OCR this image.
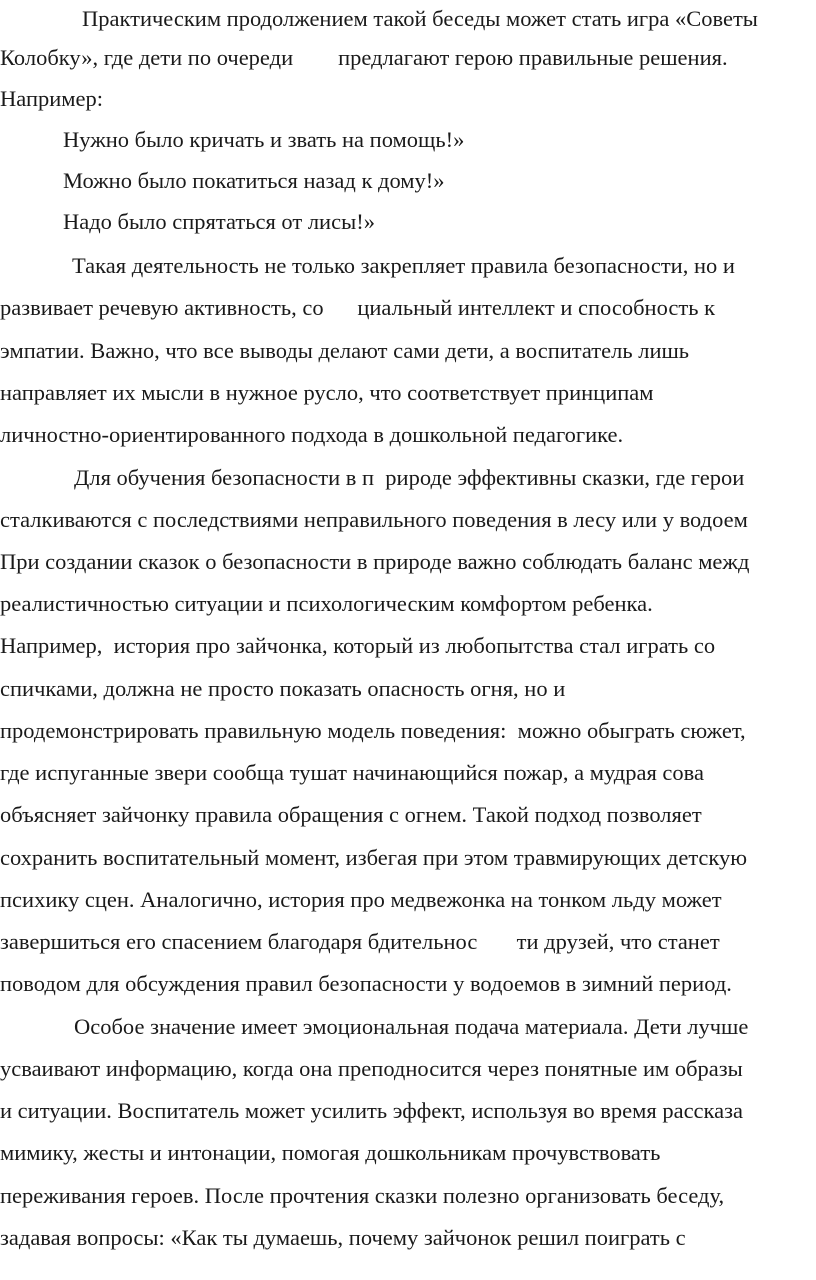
Практическим продолжением такой беседы может стать игра «Советы
Колобку», где дети по очереди        предлагают герою правильные решения.
Например:
Нужно было кричать и звать на помощь!»
Можно было покатиться назад к дому!»
Надо было спрятаться от лисы!»
Такая деятельность не только закрепляет правила безопасности, но и
развивает речевую активность, со      циальный интеллект и способность к
эмпатии. Важно, что все выводы делают сами дети, а воспитатель лишь
направляет их мысли в нужное русло, что соответствует принципам
личностно-ориентированного подхода в дошкольной педагогике.
Для обучения безопасности в п  рироде эффективны сказки, где герои
сталкиваются с последствиями неправильного поведения в лесу или у водоем
При создании сказок о безопасности в природе важно соблюдать баланс межд
реалистичностью ситуации и психологическим комфортом ребенка.
Например,  история про зайчонка, который из любопытства стал играть со
спичками, должна не просто показать опасность огня, но и
продемонстрировать правильную модель поведения:  можно обыграть сюжет,
где испуганные звери сообща тушат начинающийся пожар, а мудрая сова
объясняет зайчонку правила обращения с огнем. Такой подход позволяет
сохранить воспитательный момент, избегая при этом травмирующих детскую
психику сцен. Аналогично, история про медвежонка на тонком льду может
завершиться его спасением благодаря бдительнос       ти друзей, что станет
поводом для обсуждения правил безопасности у водоемов в зимний период.
Особое значение имеет эмоциональная подача материала. Дети лучше
усваивают информацию, когда она преподносится через понятные им образы
и ситуации. Воспитатель может усилить эффект, используя во время рассказа
мимику, жесты и интонации, помогая дошкольникам прочувствовать
переживания героев. После прочтения сказки полезно организовать беседу,
задавая вопросы: «Как ты думаешь, почему зайчонок решил поиграть с
